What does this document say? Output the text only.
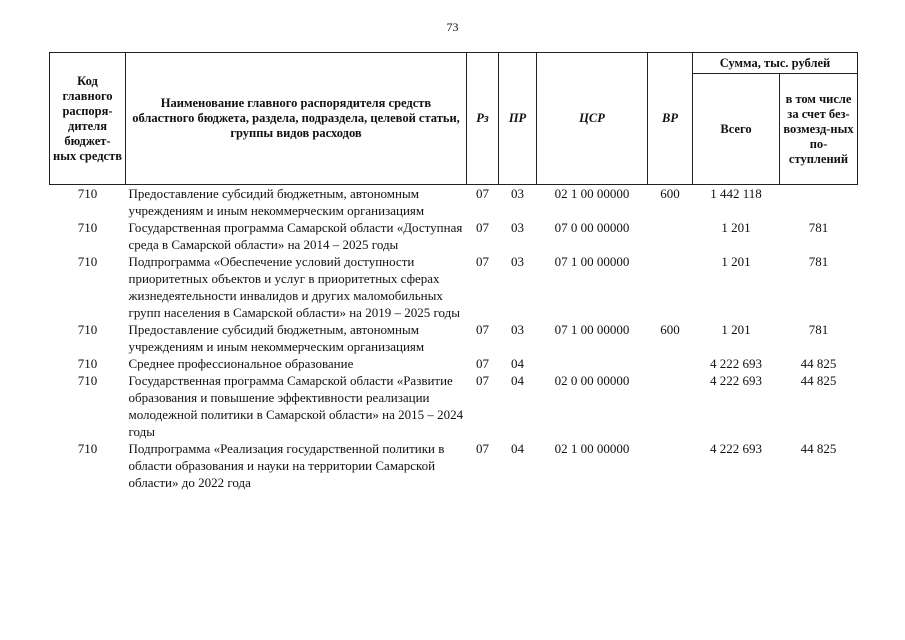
73
Код главного распоря-дителя бюджет-ных средств	Наименование главного распорядителя средств областного бюджета, раздела, подраздела, целевой статьи, группы видов расходов	Рз	ПР	ЦСР	ВР	Сумма, тыс. рублей	
						Всего	в том числе за счет без-возмезд-ных по-ступлений
710	Предоставление субсидий бюджетным, автономным учреждениям и иным некоммерческим организациям	07	03	02 1 00 00000	600	1 442 118	
710	Государственная программа Самарской области «Доступная среда в Самарской области» на 2014 – 2025 годы	07	03	07 0 00 00000		1 201	781
710	Подпрограмма «Обеспечение условий доступности приоритетных объектов и услуг в приоритетных сферах жизнедеятельности инвалидов и других маломобильных групп населения в Самарской области» на 2019 – 2025 годы	07	03	07 1 00 00000		1 201	781
710	Предоставление субсидий бюджетным, автономным учреждениям и иным некоммерческим организациям	07	03	07 1 00 00000	600	1 201	781
710	Среднее профессиональное образование	07	04			4 222 693	44 825
710	Государственная программа Самарской области «Развитие образования и повышение эффективности реализации молодежной политики в Самарской области» на 2015 – 2024 годы	07	04	02 0 00 00000		4 222 693	44 825
710	Подпрограмма «Реализация государственной политики в области образования и науки на территории Самарской области» до 2022 года	07	04	02 1 00 00000		4 222 693	44 825
